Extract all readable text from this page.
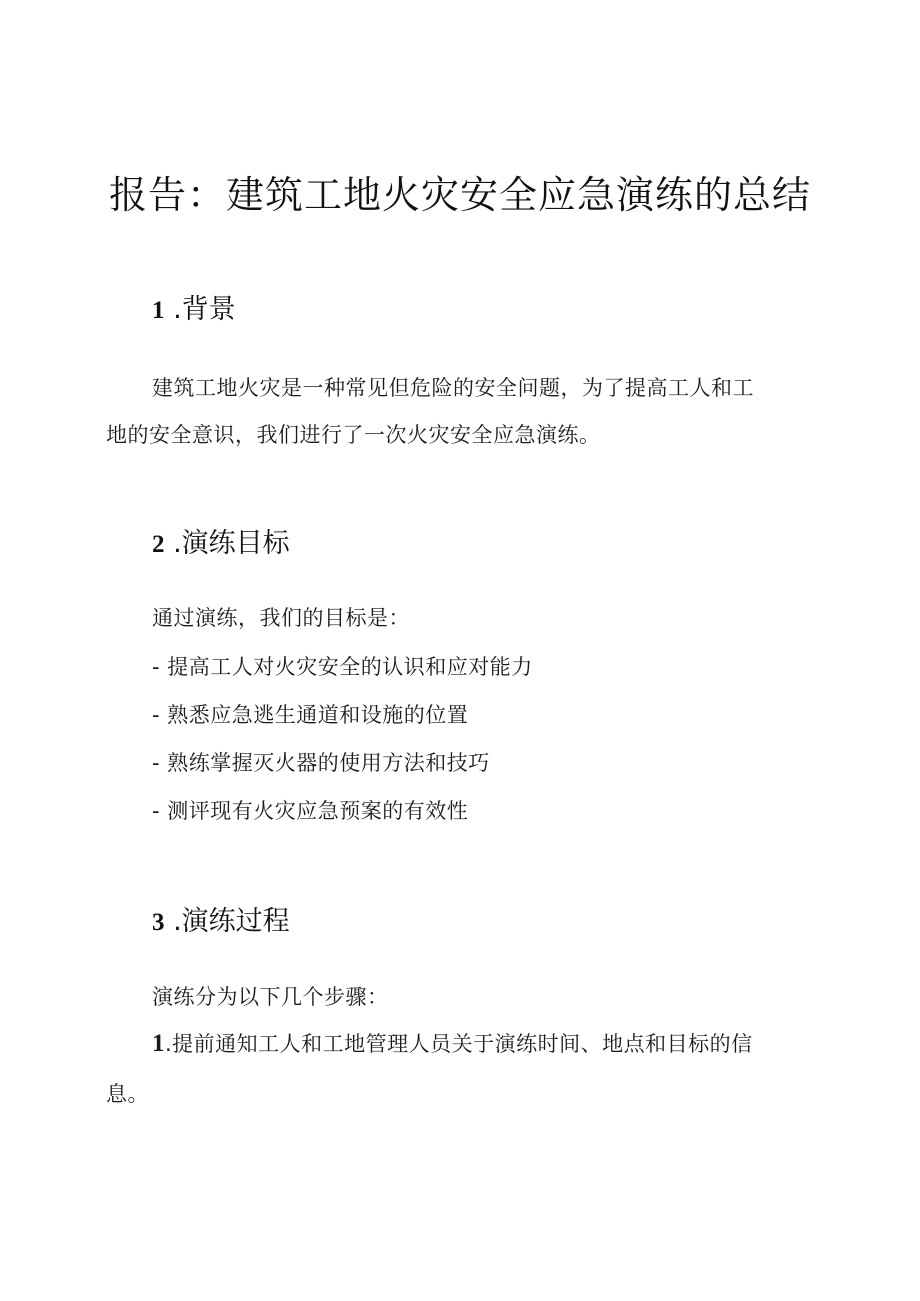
报告：建筑工地火灾安全应急演练的总结
1 .背景
建筑工地火灾是一种常见但危险的安全问题，为了提高工人和工
地的安全意识，我们进行了一次火灾安全应急演练。
2 .演练目标
通过演练，我们的目标是：
- 提高工人对火灾安全的认识和应对能力
- 熟悉应急逃生通道和设施的位置
- 熟练掌握灭火器的使用方法和技巧
- 测评现有火灾应急预案的有效性
3 .演练过程
演练分为以下几个步骤：
1.提前通知工人和工地管理人员关于演练时间、地点和目标的信
息。
